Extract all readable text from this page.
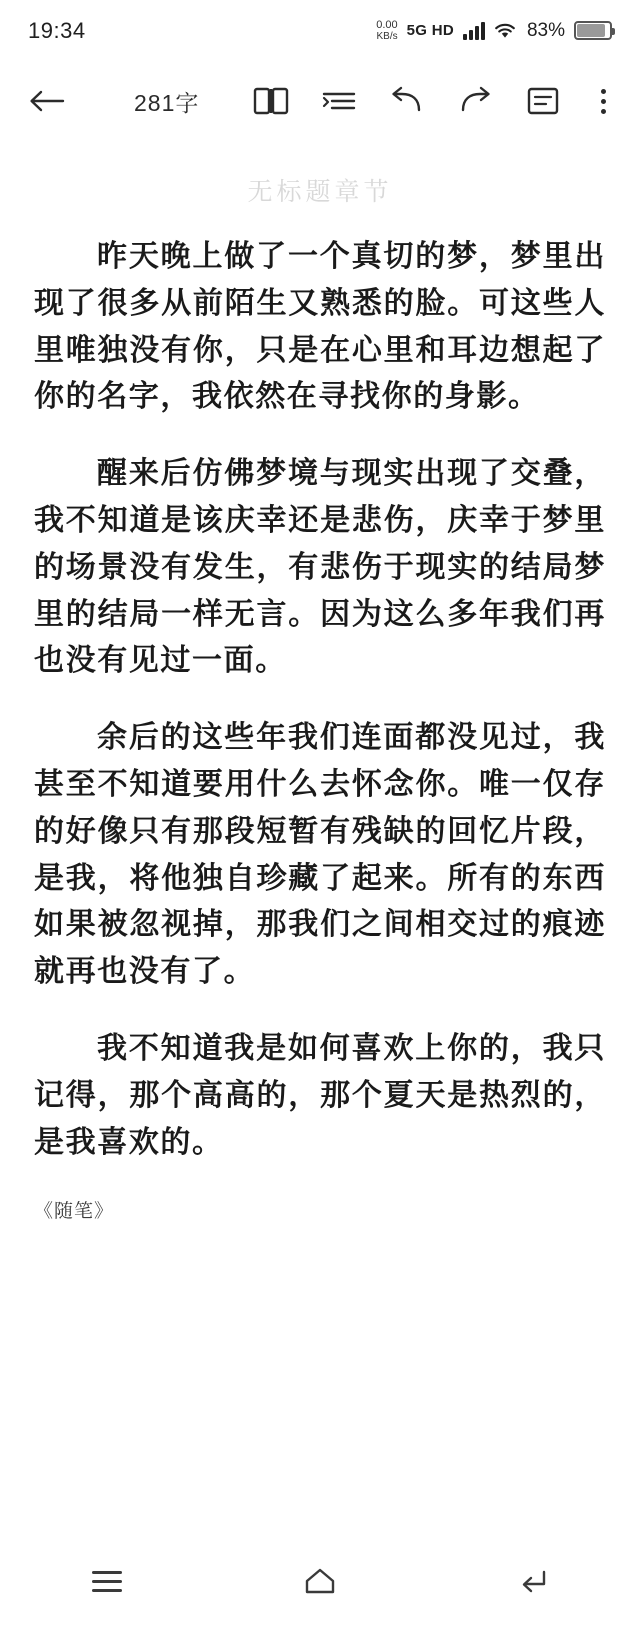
19:34	0.00
KB/s 5G HD	83%
281字
无标题章节

昨天晚上做了一个真切的梦，梦里出现了很多从前陌生又熟悉的脸。可这些人里唯独没有你，只是在心里和耳边想起了你的名字，我依然在寻找你的身影。

醒来后仿佛梦境与现实出现了交叠，我不知道是该庆幸还是悲伤，庆幸于梦里的场景没有发生，有悲伤于现实的结局梦里的结局一样无言。因为这么多年我们再也没有见过一面。

余后的这些年我们连面都没见过，我甚至不知道要用什么去怀念你。唯一仅存的好像只有那段短暂有残缺的回忆片段，是我，将他独自珍藏了起来。所有的东西如果被忽视掉，那我们之间相交过的痕迹就再也没有了。

我不知道我是如何喜欢上你的，我只记得，那个高高的，那个夏天是热烈的，是我喜欢的。

《随笔》
